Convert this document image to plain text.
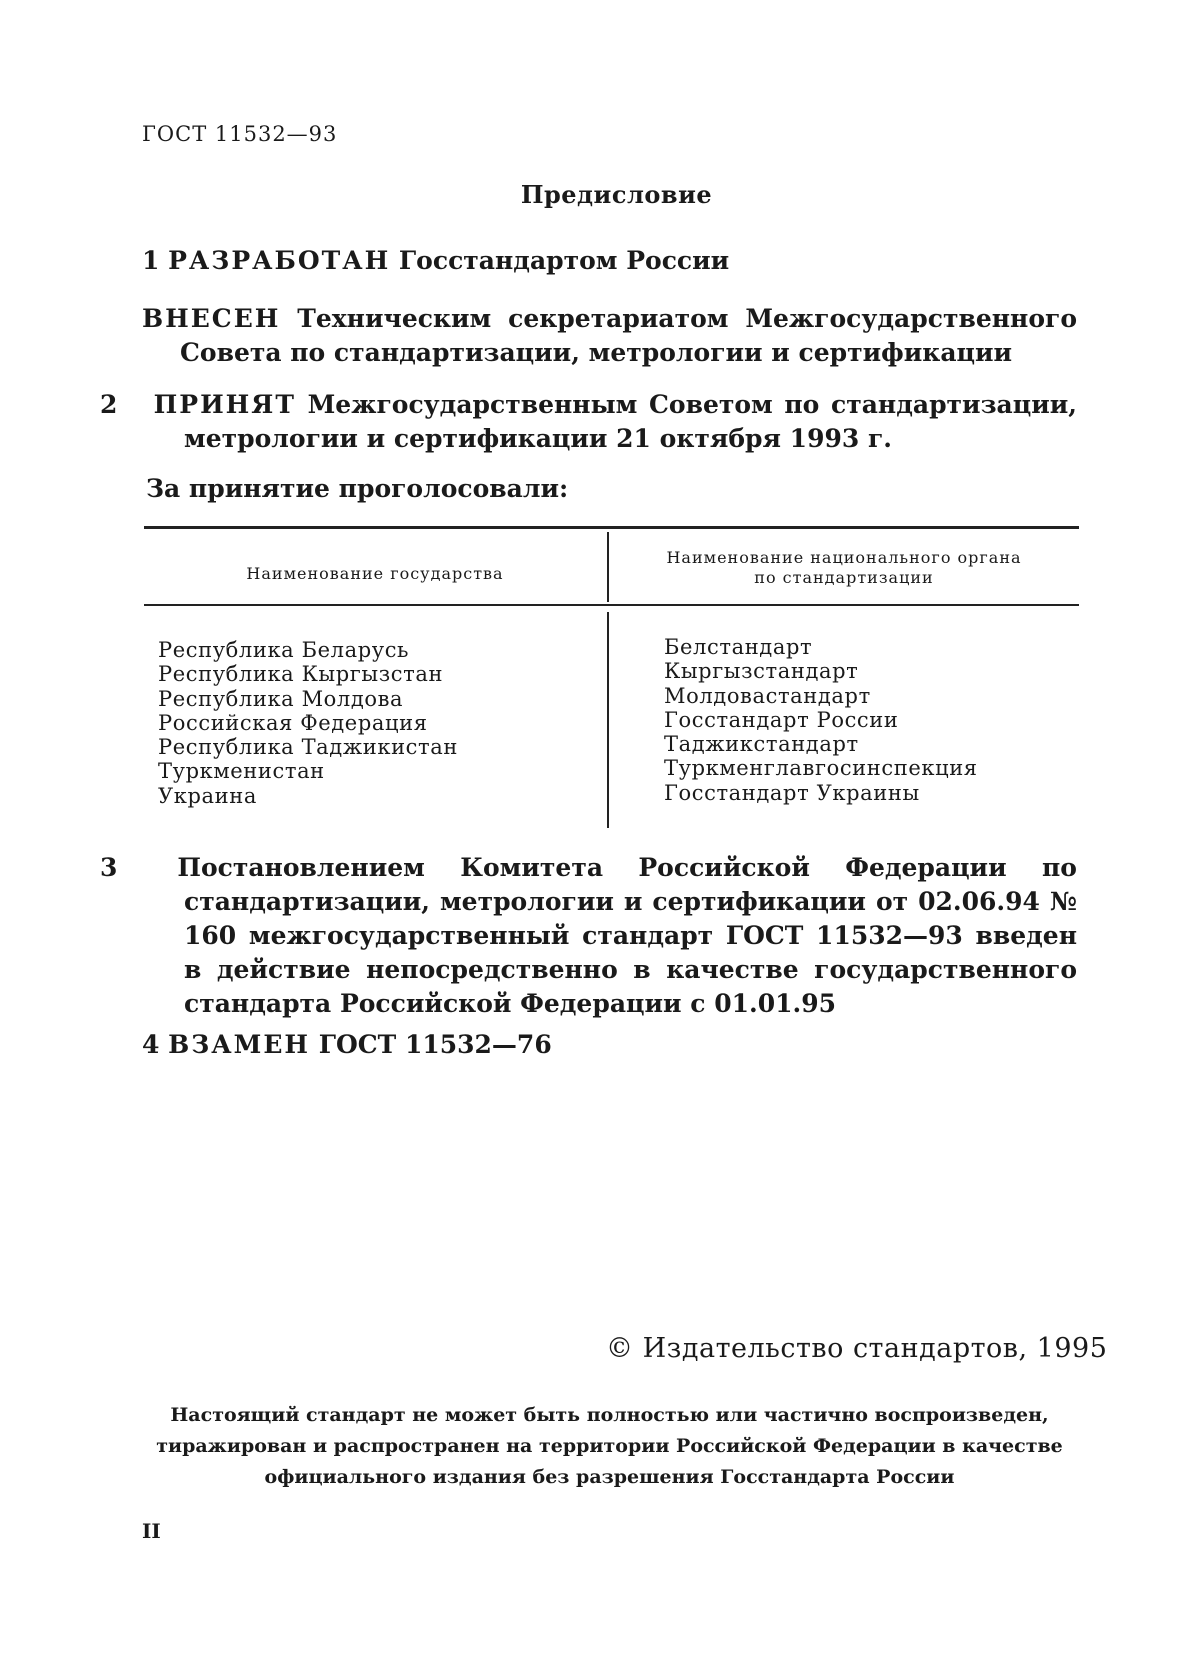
ГОСТ 11532—93
Предисловие
1 РАЗРАБОТАН Госстандартом России
ВНЕСЕН Техническим секретариатом Межгосударственного Совета по стандартизации, метрологии и сертификации
2 ПРИНЯТ Межгосударственным Советом по стандартизации, метрологии и сертификации 21 октября 1993 г.
За принятие проголосовали:
Наименование государства
Наименование национального органа
по стандартизации
Республика Беларусь
Республика Кыргызстан
Республика Молдова
Российская Федерация
Республика Таджикистан
Туркменистан
Украина
Белстандарт
Кыргызстандарт
Молдовастандарт
Госстандарт России
Таджикстандарт
Туркменглавгосинспекция
Госстандарт Украины
3 Постановлением Комитета Российской Федерации по стандартизации, метрологии и сертификации от 02.06.94 № 160 межгосударственный стандарт ГОСТ 11532—93 введен в действие непосредственно в качестве государственного стандарта Российской Федерации с 01.01.95
4 ВЗАМЕН ГОСТ 11532—76
© Издательство стандартов, 1995
Настоящий стандарт не может быть полностью или частично воспроизведен, тиражирован и распространен на территории Российской Федерации в качестве официального издания без разрешения Госстандарта России
II
